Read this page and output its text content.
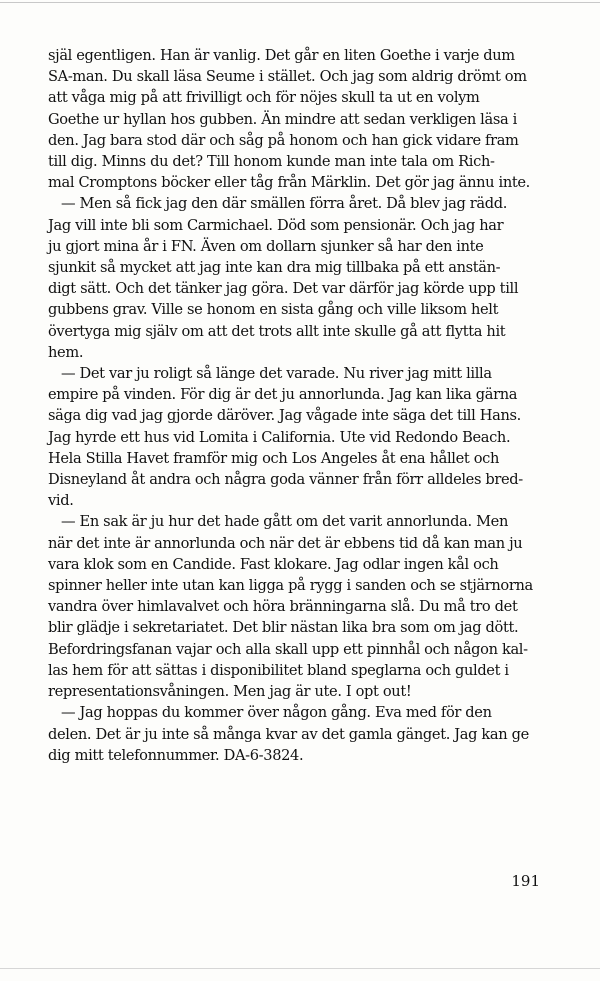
själ egentligen. Han är vanlig. Det går en liten Goethe i varje dum
SA-man. Du skall läsa Seume i stället. Och jag som aldrig drömt om
att våga mig på att frivilligt och för nöjes skull ta ut en volym
Goethe ur hyllan hos gubben. Än mindre att sedan verkligen läsa i
den. Jag bara stod där och såg på honom och han gick vidare fram
till dig. Minns du det? Till honom kunde man inte tala om Rich-
mal Cromptons böcker eller tåg från Märklin. Det gör jag ännu inte.

— Men så fick jag den där smällen förra året. Då blev jag rädd.
Jag vill inte bli som Carmichael. Död som pensionär. Och jag har
ju gjort mina år i FN. Även om dollarn sjunker så har den inte
sjunkit så mycket att jag inte kan dra mig tillbaka på ett anstän-
digt sätt. Och det tänker jag göra. Det var därför jag körde upp till
gubbens grav. Ville se honom en sista gång och ville liksom helt
övertyga mig själv om att det trots allt inte skulle gå att flytta hit
hem.

— Det var ju roligt så länge det varade. Nu river jag mitt lilla
empire på vinden. För dig är det ju annorlunda. Jag kan lika gärna
säga dig vad jag gjorde däröver. Jag vågade inte säga det till Hans.
Jag hyrde ett hus vid Lomita i California. Ute vid Redondo Beach.
Hela Stilla Havet framför mig och Los Angeles åt ena hållet och
Disneyland åt andra och några goda vänner från förr alldeles bred-
vid.

— En sak är ju hur det hade gått om det varit annorlunda. Men
när det inte är annorlunda och när det är ebbens tid då kan man ju
vara klok som en Candide. Fast klokare. Jag odlar ingen kål och
spinner heller inte utan kan ligga på rygg i sanden och se stjärnorna
vandra över himlavalvet och höra bränningarna slå. Du må tro det
blir glädje i sekretariatet. Det blir nästan lika bra som om jag dött.
Befordringsfanan vajar och alla skall upp ett pinnhål och någon kal-
las hem för att sättas i disponibilitet bland speglarna och guldet i
representationsvåningen. Men jag är ute. I opt out!

— Jag hoppas du kommer över någon gång. Eva med för den
delen. Det är ju inte så många kvar av det gamla gänget. Jag kan ge
dig mitt telefonnummer. DA-6-3824.

191
